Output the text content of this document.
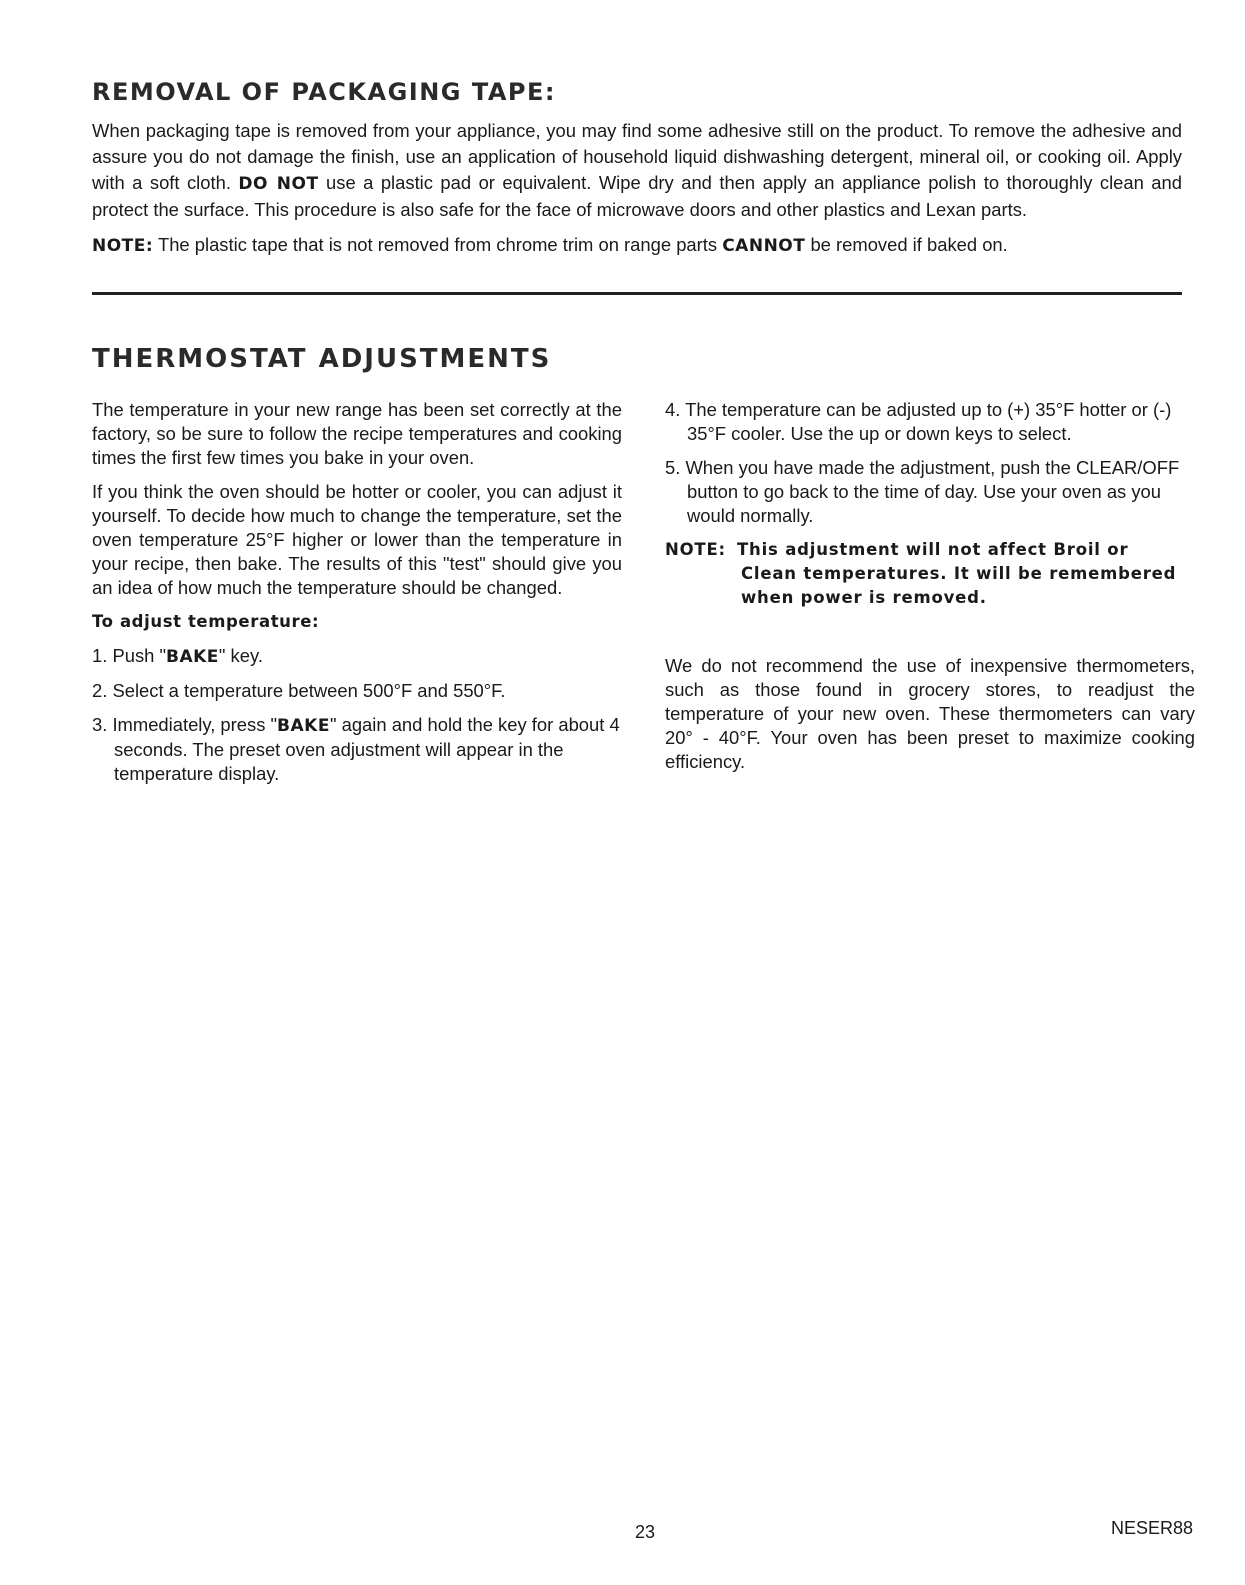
REMOVAL OF PACKAGING TAPE:

When packaging tape is removed from your appliance, you may find some adhesive still on the product. To remove the adhesive and assure you do not damage the finish, use an application of household liquid dishwashing detergent, mineral oil, or cooking oil. Apply with a soft cloth. DO NOT use a plastic pad or equivalent. Wipe dry and then apply an appliance polish to thoroughly clean and protect the surface. This procedure is also safe for the face of microwave doors and other plastics and Lexan parts.

NOTE: The plastic tape that is not removed from chrome trim on range parts CANNOT be removed if baked on.

THERMOSTAT ADJUSTMENTS

The temperature in your new range has been set correctly at the factory, so be sure to follow the recipe temperatures and cooking times the first few times you bake in your oven.

If you think the oven should be hotter or cooler, you can adjust it yourself. To decide how much to change the temperature, set the oven temperature 25°F higher or lower than the temperature in your recipe, then bake. The results of this "test" should give you an idea of how much the temperature should be changed.

To adjust temperature:

1. Push "BAKE" key.

2. Select a temperature between 500°F and 550°F.

3. Immediately, press "BAKE" again and hold the key for about 4 seconds. The preset oven adjustment will appear in the temperature display.

4. The temperature can be adjusted up to (+) 35°F hotter or (-) 35°F cooler. Use the up or down keys to select.

5. When you have made the adjustment, push the CLEAR/OFF button to go back to the time of day. Use your oven as you would normally.

NOTE: This adjustment will not affect Broil or
Clean temperatures. It will be remembered when power is removed.

We do not recommend the use of inexpensive thermometers, such as those found in grocery stores, to readjust the temperature of your new oven. These thermometers can vary 20° - 40°F. Your oven has been preset to maximize cooking efficiency.

23	NESER88
